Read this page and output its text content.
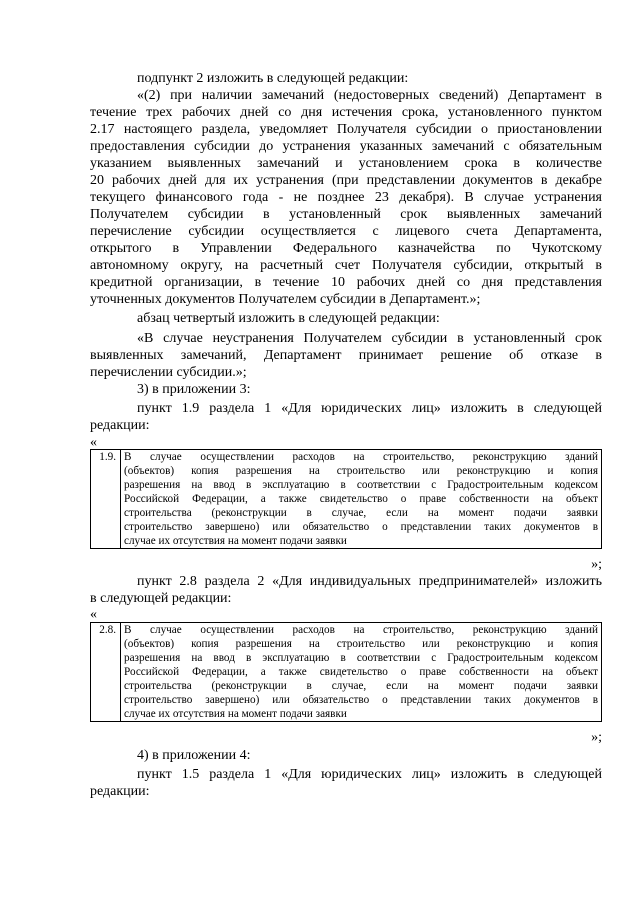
подпункт 2 изложить в следующей редакции:
«(2) при наличии замечаний (недостоверных сведений) Департамент в
течение трех рабочих дней со дня истечения срока, установленного пунктом
2.17 настоящего раздела, уведомляет Получателя субсидии о приостановлении
предоставления субсидии до устранения указанных замечаний с обязательным
указанием выявленных замечаний и установлением срока в количестве
20 рабочих дней для их устранения (при представлении документов в декабре
текущего финансового года - не позднее 23 декабря). В случае устранения
Получателем субсидии в установленный срок выявленных замечаний
перечисление субсидии осуществляется с лицевого счета Департамента,
открытого в Управлении Федерального казначейства по Чукотскому
автономному округу, на расчетный счет Получателя субсидии, открытый в
кредитной организации, в течение 10 рабочих дней со дня представления
уточненных документов Получателем субсидии в Департамент.»;
абзац четвертый изложить в следующей редакции:
«В случае неустранения Получателем субсидии в установленный срок
выявленных замечаний, Департамент принимает решение об отказе в
перечислении субсидии.»;
3) в приложении 3:
пункт 1.9 раздела 1 «Для юридических лиц» изложить в следующей
редакции:
«
1.9.	В случае осуществлении расходов на строительство, реконструкцию зданий
(объектов) копия разрешения на строительство или реконструкцию и копия
разрешения на ввод в эксплуатацию в соответствии с Градостроительным кодексом
Российской Федерации, а также свидетельство о праве собственности на объект
строительства (реконструкции в случае, если на момент подачи заявки
строительство завершено) или обязательство о представлении таких документов в
случае их отсутствия на момент подачи заявки
»;
пункт 2.8 раздела 2 «Для индивидуальных предпринимателей» изложить
в следующей редакции:
«
2.8.	В случае осуществлении расходов на строительство, реконструкцию зданий
(объектов) копия разрешения на строительство или реконструкцию и копия
разрешения на ввод в эксплуатацию в соответствии с Градостроительным кодексом
Российской Федерации, а также свидетельство о праве собственности на объект
строительства (реконструкции в случае, если на момент подачи заявки
строительство завершено) или обязательство о представлении таких документов в
случае их отсутствия на момент подачи заявки
»;
4) в приложении 4:
пункт 1.5 раздела 1 «Для юридических лиц» изложить в следующей
редакции:
